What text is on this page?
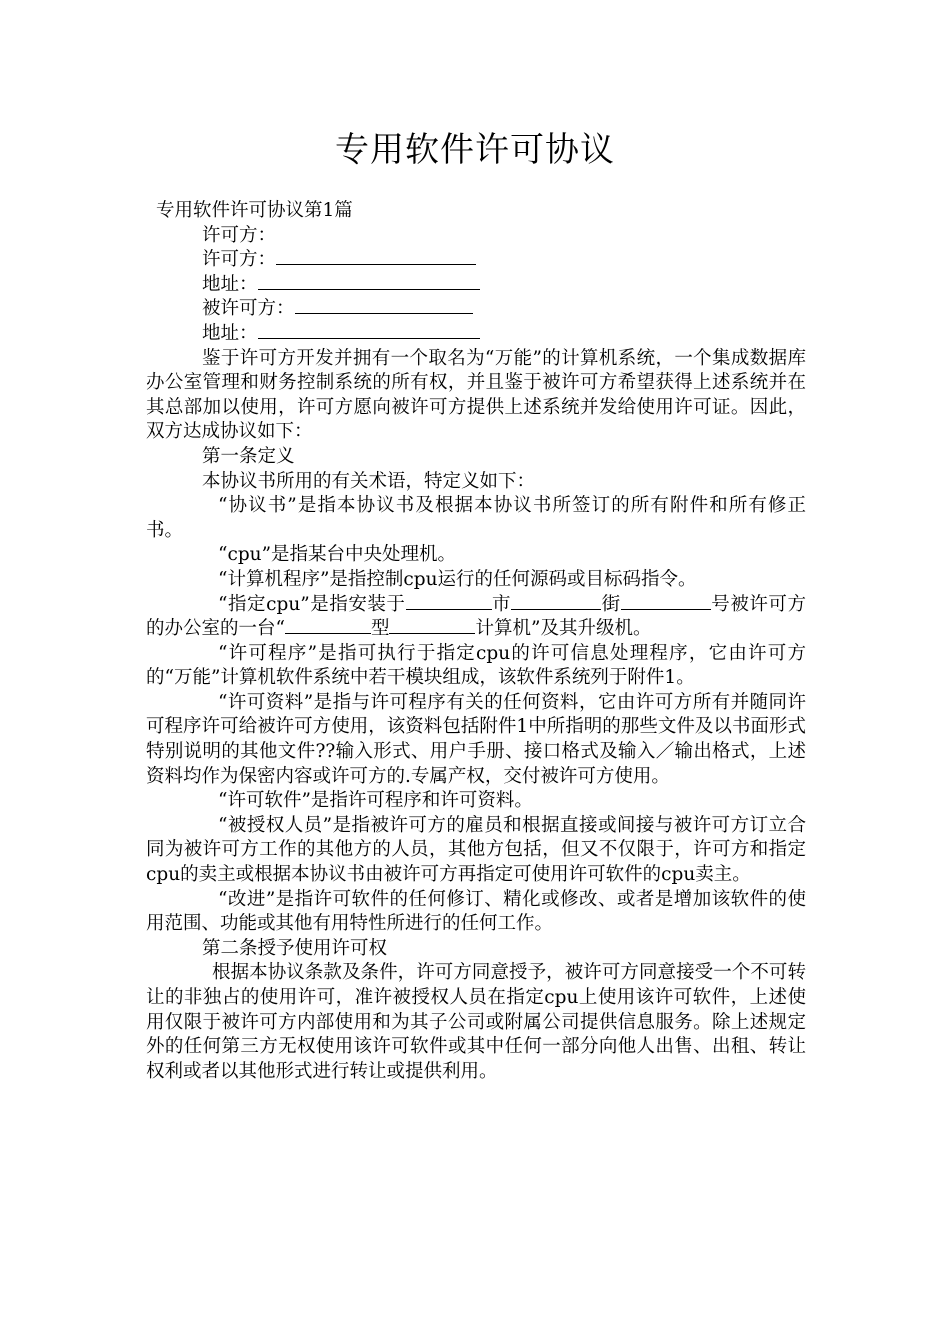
专用软件许可协议
专用软件许可协议第1篇
许可方：
许可方：
地址：
被许可方：
地址：
鉴于许可方开发并拥有一个取名为“万能”的计算机系统，一个集成数据库办公室管理和财务控制系统的所有权，并且鉴于被许可方希望获得上述系统并在其总部加以使用，许可方愿向被许可方提供上述系统并发给使用许可证。因此，双方达成协议如下：
第一条定义
本协议书所用的有关术语，特定义如下：
“协议书”是指本协议书及根据本协议书所签订的所有附件和所有修正书。
“cpu”是指某台中央处理机。
“计算机程序”是指控制cpu运行的任何源码或目标码指令。
“指定cpu”是指安装于	市	街	号被许可方的办公室的一台“	型	计算机”及其升级机。
“许可程序”是指可执行于指定cpu的许可信息处理程序，它由许可方的“万能”计算机软件系统中若干模块组成，该软件系统列于附件1。
“许可资料”是指与许可程序有关的任何资料，它由许可方所有并随同许可程序许可给被许可方使用，该资料包括附件1中所指明的那些文件及以书面形式特别说明的其他文件??输入形式、用户手册、接口格式及输入／输出格式，上述资料均作为保密内容或许可方的.专属产权，交付被许可方使用。
“许可软件”是指许可程序和许可资料。
“被授权人员”是指被许可方的雇员和根据直接或间接与被许可方订立合同为被许可方工作的其他方的人员，其他方包括，但又不仅限于，许可方和指定cpu的卖主或根据本协议书由被许可方再指定可使用许可软件的cpu卖主。
“改进”是指许可软件的任何修订、精化或修改、或者是增加该软件的使用范围、功能或其他有用特性所进行的任何工作。
第二条授予使用许可权
根据本协议条款及条件，许可方同意授予，被许可方同意接受一个不可转让的非独占的使用许可，准许被授权人员在指定cpu上使用该许可软件，上述使用仅限于被许可方内部使用和为其子公司或附属公司提供信息服务。除上述规定外的任何第三方无权使用该许可软件或其中任何一部分向他人出售、出租、转让权利或者以其他形式进行转让或提供利用。
